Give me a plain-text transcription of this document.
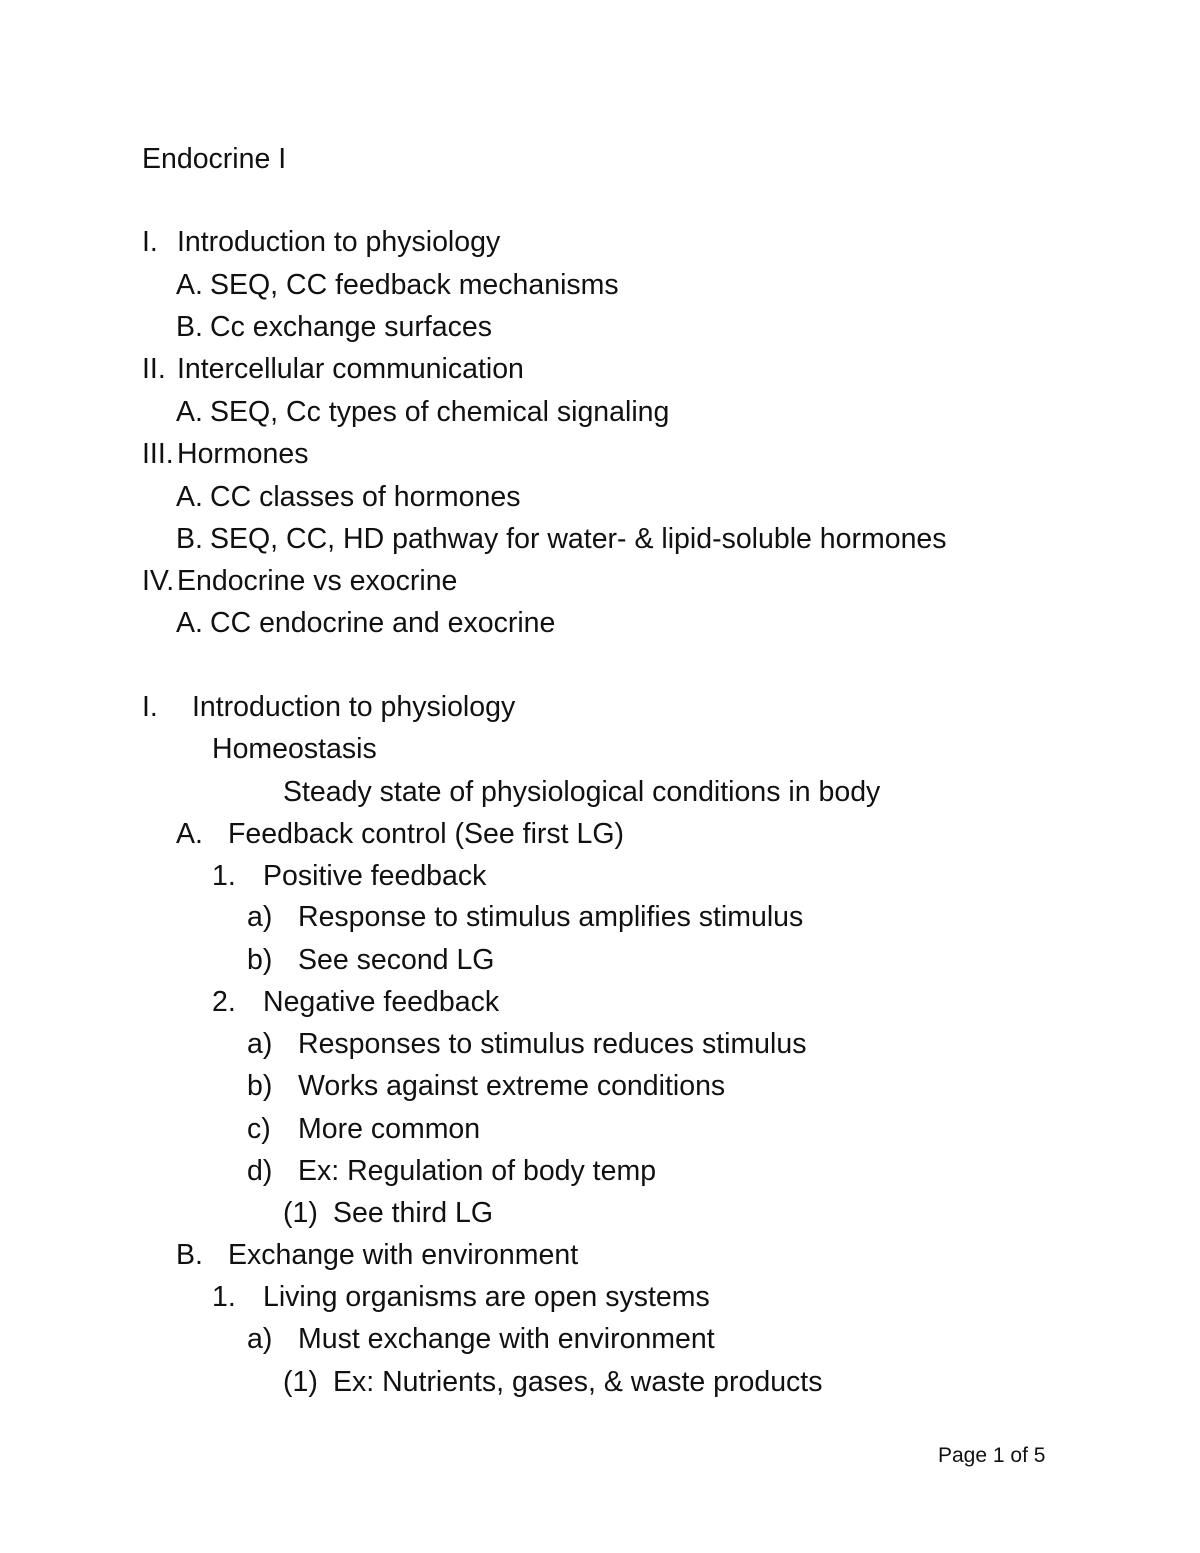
Endocrine I
I. Introduction to physiology
A. SEQ, CC feedback mechanisms
B. Cc exchange surfaces
II. Intercellular communication
A. SEQ, Cc types of chemical signaling
III. Hormones
A. CC classes of hormones
B. SEQ, CC, HD pathway for water- & lipid-soluble hormones
IV. Endocrine vs exocrine
A. CC endocrine and exocrine
I. Introduction to physiology
Homeostasis
Steady state of physiological conditions in body
A. Feedback control (See first LG)
1. Positive feedback
a) Response to stimulus amplifies stimulus
b) See second LG
2. Negative feedback
a) Responses to stimulus reduces stimulus
b) Works against extreme conditions
c) More common
d) Ex: Regulation of body temp
(1) See third LG
B. Exchange with environment
1. Living organisms are open systems
a) Must exchange with environment
(1) Ex: Nutrients, gases, & waste products
Page 1 of 5
